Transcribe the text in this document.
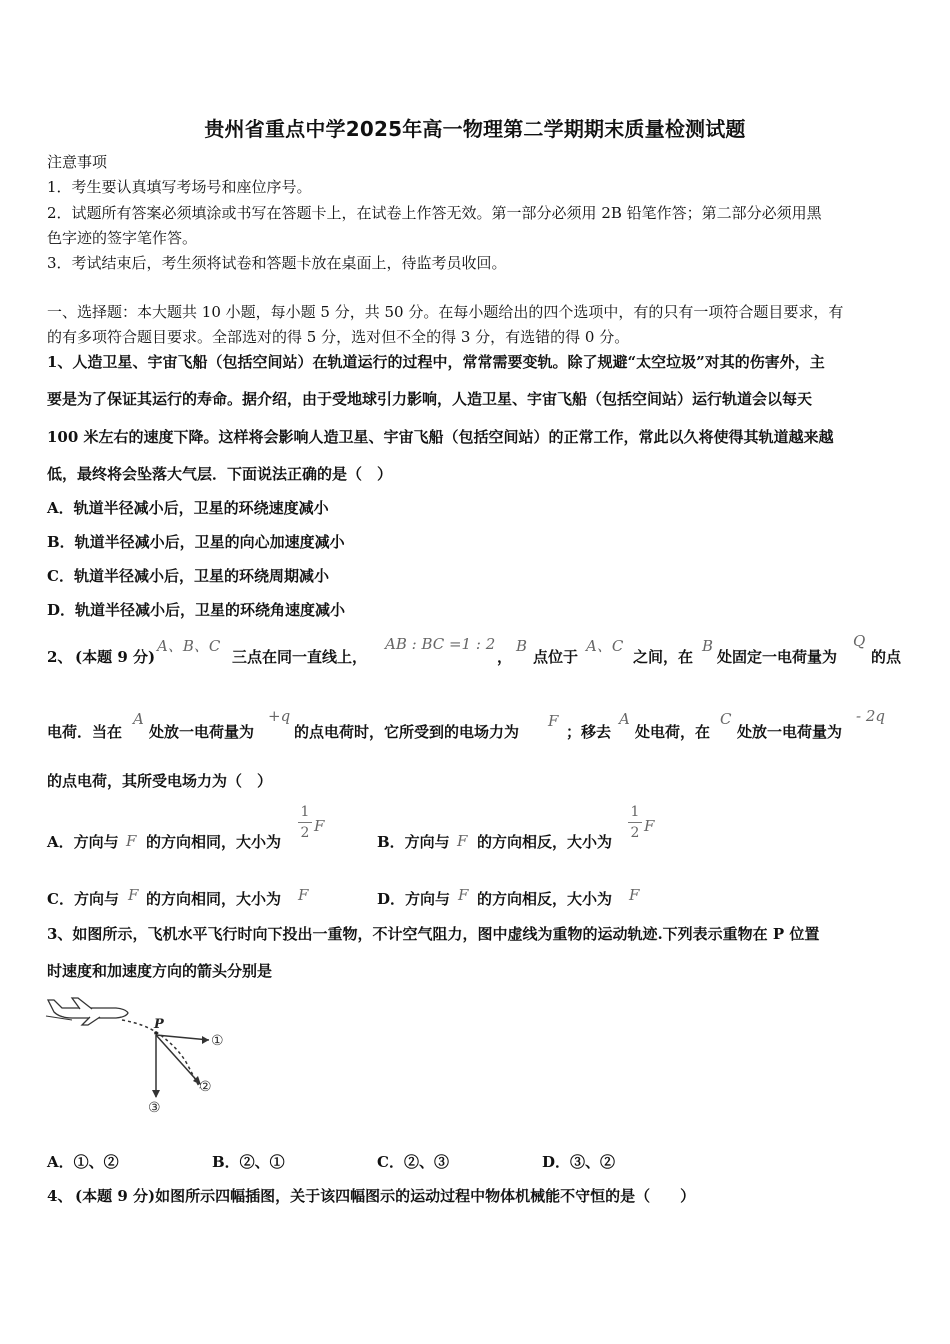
贵州省重点中学2025年高一物理第二学期期末质量检测试题
注意事项
1．考生要认真填写考场号和座位序号。
2．试题所有答案必须填涂或书写在答题卡上，在试卷上作答无效。第一部分必须用 2B 铅笔作答；第二部分必须用黑
色字迹的签字笔作答。
3．考试结束后，考生须将试卷和答题卡放在桌面上，待监考员收回。
一、选择题：本大题共 10 小题，每小题 5 分，共 50 分。在每小题给出的四个选项中，有的只有一项符合题目要求，有
的有多项符合题目要求。全部选对的得 5 分，选对但不全的得 3 分，有选错的得 0 分。
1、人造卫星、宇宙飞船（包括空间站）在轨道运行的过程中，常常需要变轨。除了规避“太空垃圾”对其的伤害外，主
要是为了保证其运行的寿命。据介绍，由于受地球引力影响，人造卫星、宇宙飞船（包括空间站）运行轨道会以每天
100 米左右的速度下降。这样将会影响人造卫星、宇宙飞船（包括空间站）的正常工作，常此以久将使得其轨道越来越
低，最终将会坠落大气层．下面说法正确的是（　）
A．轨道半径减小后，卫星的环绕速度减小
B．轨道半径减小后，卫星的向心加速度减小
C．轨道半径减小后，卫星的环绕周期减小
D．轨道半径减小后，卫星的环绕角速度减小
2、 (本题 9 分)
A、B、C
三点在同一直线上，
AB : BC =1 : 2
，
B
点位于
A、C
之间，在
B
处固定一电荷量为
Q
的点
电荷．当在
A
处放一电荷量为
+q
的点电荷时，它所受到的电场力为
F
；移去
A
处电荷，在
C
处放一电荷量为
- 2q
的点电荷，其所受电场力为（　）
A．方向与 F 的方向相同，大小为
1
2 F
B．方向与 F 的方向相反，大小为
1
2 F
C．方向与 F 的方向相同，大小为 F	D．方向与 F 的方向相反，大小为 F
3、如图所示，飞机水平飞行时向下投出一重物，不计空气阻力，图中虚线为重物的运动轨迹.下列表示重物在 P 位置
时速度和加速度方向的箭头分别是
P
①
②
③
A．①、②	B．②、①	C．②、③	D．③、②
4、 (本题 9 分)如图所示四幅插图，关于该四幅图示的运动过程中物体机械能不守恒的是（　　）
